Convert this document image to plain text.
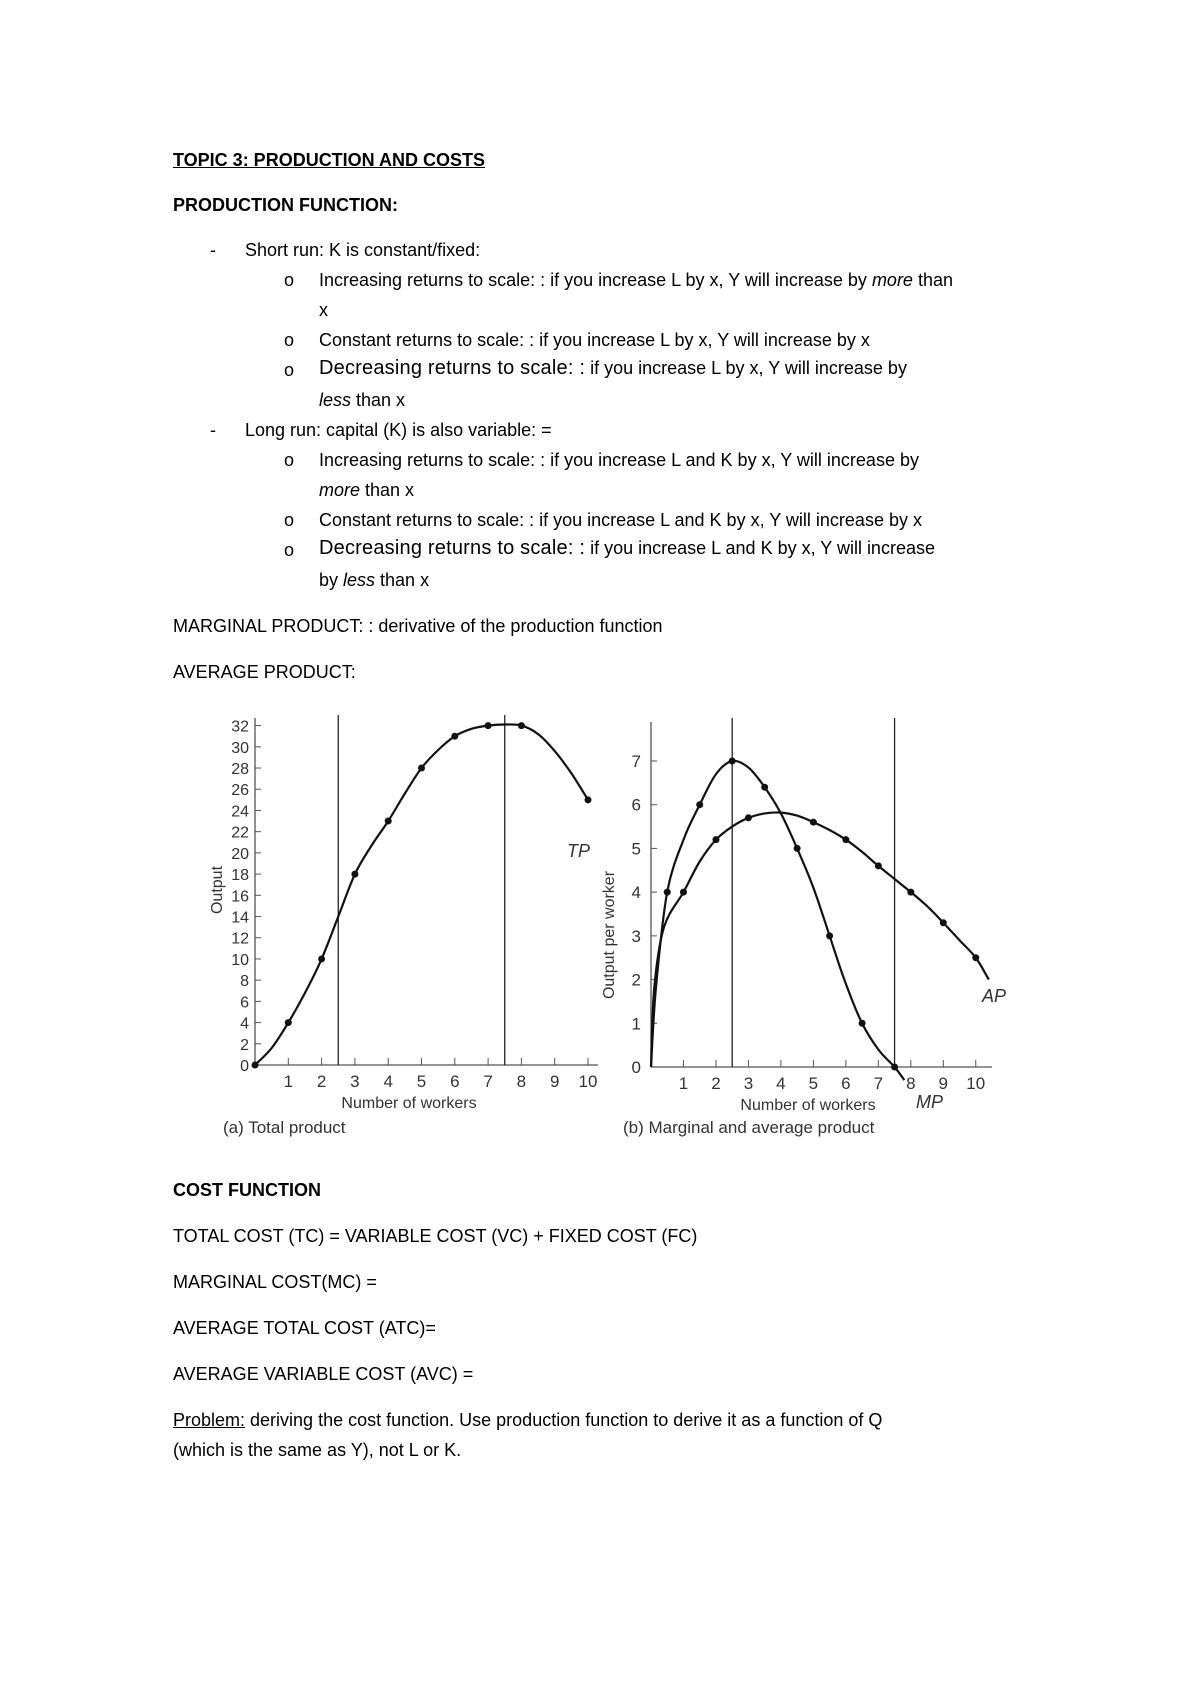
TOPIC 3: PRODUCTION AND COSTS
PRODUCTION FUNCTION:
- Short run: K is constant/fixed:
o Increasing returns to scale: : if you increase L by x, Y will increase by more than
x
o Constant returns to scale: : if you increase L by x, Y will increase by x
o Decreasing returns to scale: : if you increase L by x, Y will increase by
less than x
- Long run: capital (K) is also variable: =
o Increasing returns to scale: : if you increase L and K by x, Y will increase by
more than x
o Constant returns to scale: : if you increase L and K by x, Y will increase by x
o Decreasing returns to scale: : if you increase L and K by x, Y will increase
by less than x
MARGINAL PRODUCT: : derivative of the production function
AVERAGE PRODUCT:
0
2
4
6
8
10
12
14
16
18
20
22
24
26
28
30
32
1 2 3 4 5 6 7 8 9 10
TP
Number of workers
Output
(a) Total product
0
1
2
3
4
5
6
7
1 2 3 4 5 6 7 8 9 10
AP
MP
Number of workers
Output per worker
(b) Marginal and average product
COST FUNCTION
TOTAL COST (TC) = VARIABLE COST (VC) + FIXED COST (FC)
MARGINAL COST(MC) =
AVERAGE TOTAL COST (ATC)=
AVERAGE VARIABLE COST (AVC) =
Problem: deriving the cost function. Use production function to derive it as a function of Q
(which is the same as Y), not L or K.
